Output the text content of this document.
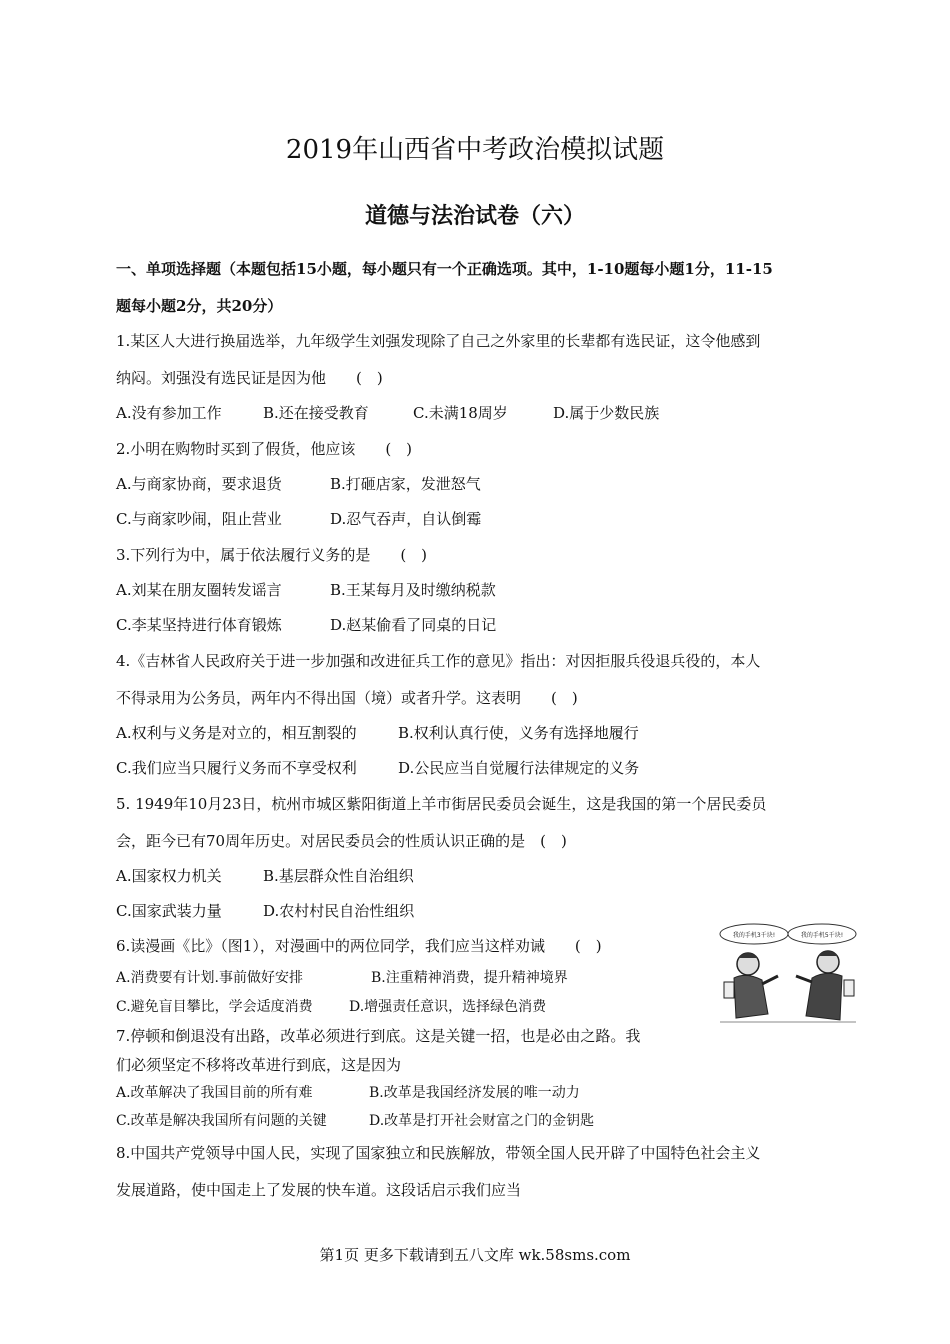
2019年山西省中考政治模拟试题
道德与法治试卷（六）
一、单项选择题（本题包括15小题，每小题只有一个正确选项。其中，1-10题每小题1分，11-15
题每小题2分，共20分）
1.某区人大进行换届选举，九年级学生刘强发现除了自己之外家里的长辈都有选民证，这令他感到
纳闷。刘强没有选民证是因为他　　(　)
A.没有参加工作	B.还在接受教育	C.未满18周岁	D.属于少数民族
2.小明在购物时买到了假货，他应该　　(　)
A.与商家协商，要求退货	B.打砸店家，发泄怒气
C.与商家吵闹，阻止营业	D.忍气吞声，自认倒霉
3.下列行为中，属于依法履行义务的是　　(　)
A.刘某在朋友圈转发谣言	B.王某每月及时缴纳税款
C.李某坚持进行体育锻炼	D.赵某偷看了同桌的日记
4.《吉林省人民政府关于进一步加强和改进征兵工作的意见》指出：对因拒服兵役退兵役的，本人
不得录用为公务员，两年内不得出国（境）或者升学。这表明　　(　)
A.权利与义务是对立的，相互割裂的	B.权利认真行使，义务有选择地履行
C.我们应当只履行义务而不享受权利	D.公民应当自觉履行法律规定的义务
5. 1949年10月23日，杭州市城区紫阳街道上羊市街居民委员会诞生，这是我国的第一个居民委员
会，距今已有70周年历史。对居民委员会的性质认识正确的是　(　)
A.国家权力机关	B.基层群众性自治组织
C.国家武装力量	D.农村村民自治性组织
6.读漫画《比》（图1），对漫画中的两位同学，我们应当这样劝诫　　(　)
A.消费要有计划.事前做好安排	B.注重精神消费，提升精神境界
C.避免盲目攀比，学会适度消费	D.增强责任意识，选择绿色消费
7.停顿和倒退没有出路，改革必须进行到底。这是关键一招，也是必由之路。我
们必须坚定不移将改革进行到底，这是因为
A.改革解决了我国目前的所有难	B.改革是我国经济发展的唯一动力
C.改革是解决我国所有问题的关键	D.改革是打开社会财富之门的金钥匙
8.中国共产党领导中国人民，实现了国家独立和民族解放，带领全国人民开辟了中国特色社会主义
发展道路，使中国走上了发展的快车道。这段话启示我们应当
我的手机3千块!	我的手机5千块!
第1页 更多下载请到五八文库 wk.58sms.com
